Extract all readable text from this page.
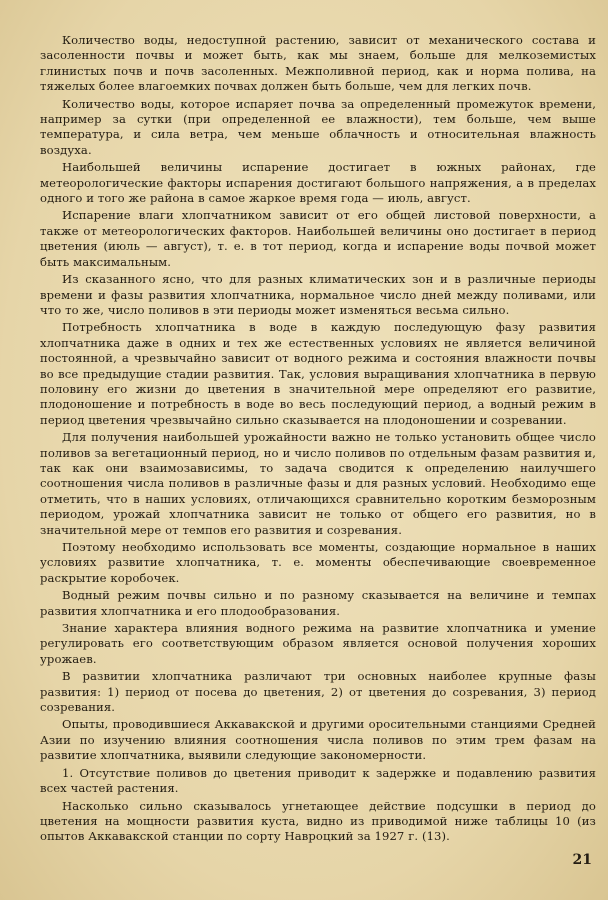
Количество воды, недоступной растению, зависит от механического состава и засоленности почвы и может быть, как мы знаем, больше для мелкоземистых глинистых почв и почв засоленных. Межполивной период, как и норма полива, на тяжелых более влагоемких почвах должен быть больше, чем для легких почв.

Количество воды, которое испаряет почва за определенный промежуток времени, например за сутки (при определенной ее влажности), тем больше, чем выше температура, и сила ветра, чем меньше облачность и относительная влажность воздуха.

Наибольшей величины испарение достигает в южных районах, где метеорологические факторы испарения достигают большого напряжения, а в пределах одного и того же района в самое жаркое время года — июль, август.

Испарение влаги хлопчатником зависит от его общей листовой поверхности, а также от метеорологических факторов. Наибольшей величины оно достигает в период цветения (июль — август), т. е. в тот период, когда и испарение воды почвой может быть максимальным.

Из сказанного ясно, что для разных климатических зон и в различные периоды времени и фазы развития хлопчатника, нормальное число дней между поливами, или что то же, число поливов в эти периоды может изменяться весьма сильно.

Потребность хлопчатника в воде в каждую последующую фазу развития хлопчатника даже в одних и тех же естественных условиях не является величиной постоянной, а чрезвычайно зависит от водного режима и состояния влажности почвы во все предыдущие стадии развития. Так, условия выращивания хлопчатника в первую половину его жизни до цветения в значительной мере определяют его развитие, плодоношение и потребность в воде во весь последующий период, а водный режим в период цветения чрезвычайно сильно сказывается на плодоношении и созревании.

Для получения наибольшей урожайности важно не только установить общее число поливов за вегетационный период, но и число поливов по отдельным фазам развития и, так как они взаимозависимы, то задача сводится к определению наилучшего соотношения числа поливов в различные фазы и для разных условий. Необходимо еще отметить, что в наших условиях, отличающихся сравнительно коротким безморозным периодом, урожай хлопчатника зависит не только от общего его развития, но в значительной мере от темпов его развития и созревания.

Поэтому необходимо использовать все моменты, создающие нормальное в наших условиях развитие хлопчатника, т. е. моменты обеспечивающие своевременное раскрытие коробочек.

Водный режим почвы сильно и по разному сказывается на величине и темпах развития хлопчатника и его плодообразования.

Знание характера влияния водного режима на развитие хлопчатника и умение регулировать его соответствующим образом является основой получения хороших урожаев.

В развитии хлопчатника различают три основных наиболее крупные фазы развития: 1) период от посева до цветения, 2) от цветения до созревания, 3) период созревания.

Опыты, проводившиеся Аккавакской и другими оросительными станциями Средней Азии по изучению влияния соотношения числа поливов по этим трем фазам на развитие хлопчатника, выявили следующие закономерности.

1. Отсутствие поливов до цветения приводит к задержке и подавлению развития всех частей растения.

Насколько сильно сказывалось угнетающее действие подсушки в период до цветения на мощности развития куста, видно из приводимой ниже таблицы 10 (из опытов Аккавакской станции по сорту Навроцкий за 1927 г. (13).

21
